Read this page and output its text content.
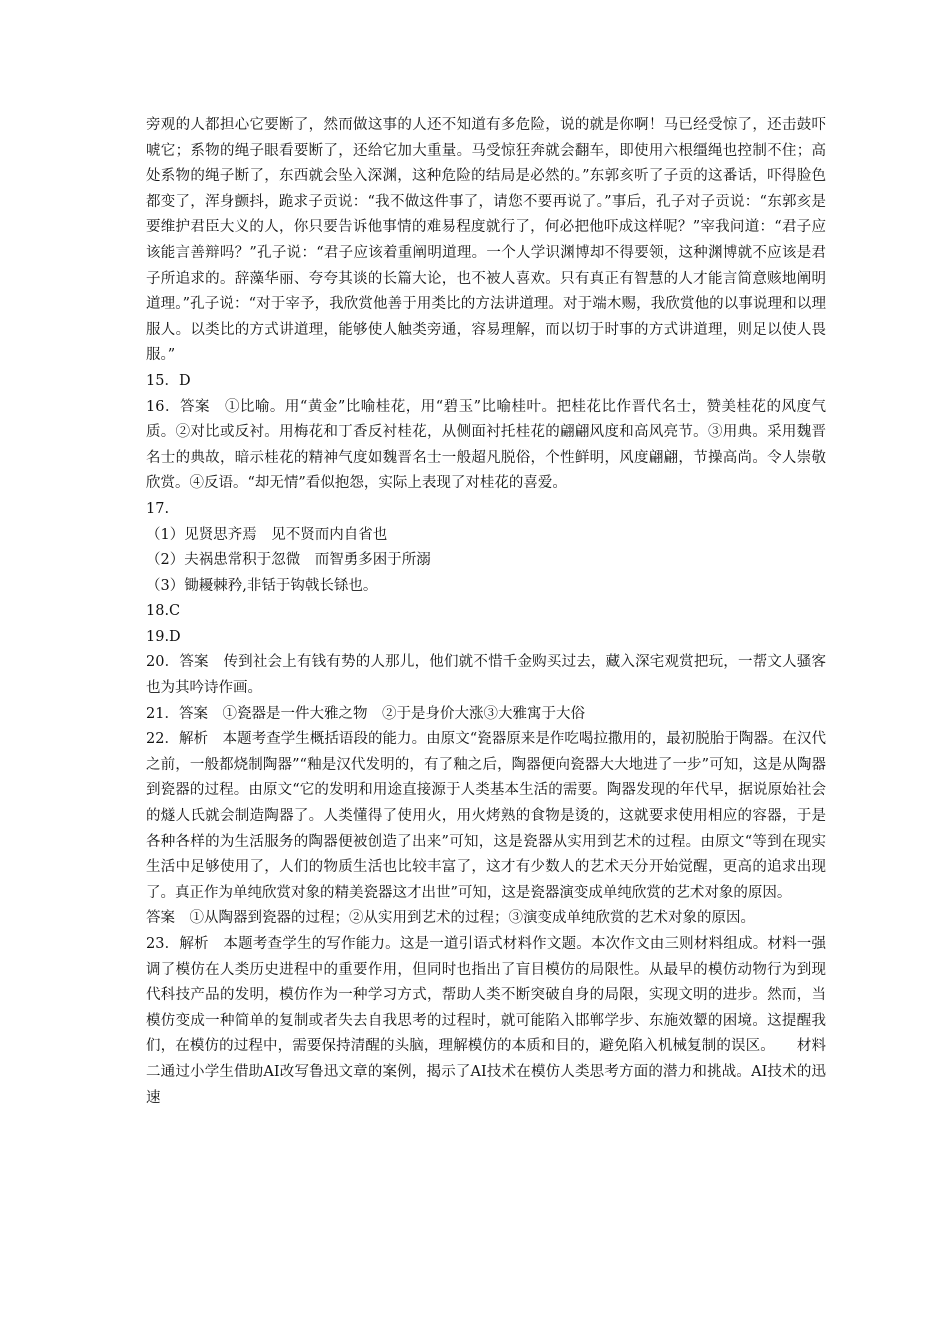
旁观的人都担心它要断了，然而做这事的人还不知道有多危险，说的就是你啊！马已经受惊了，还击鼓吓唬它；系物的绳子眼看要断了，还给它加大重量。马受惊狂奔就会翻车，即使用六根缰绳也控制不住；高处系物的绳子断了，东西就会坠入深渊，这种危险的结局是必然的。”东郭亥听了子贡的这番话，吓得脸色都变了，浑身颤抖，跪求子贡说：“我不做这件事了，请您不要再说了。”事后，孔子对子贡说：“东郭亥是要维护君臣大义的人，你只要告诉他事情的难易程度就行了，何必把他吓成这样呢？”宰我问道：“君子应该能言善辩吗？”孔子说：“君子应该着重阐明道理。一个人学识渊博却不得要领，这种渊博就不应该是君子所追求的。辞藻华丽、夸夸其谈的长篇大论，也不被人喜欢。只有真正有智慧的人才能言简意赅地阐明道理。”孔子说：“对于宰予，我欣赏他善于用类比的方法讲道理。对于端木赐，我欣赏他的以事说理和以理服人。以类比的方式讲道理，能够使人触类旁通，容易理解，而以切于时事的方式讲道理，则足以使人畏服。”

15．D

16．答案　①比喻。用“黄金”比喻桂花，用“碧玉”比喻桂叶。把桂花比作晋代名士，赞美桂花的风度气质。②对比或反衬。用梅花和丁香反衬桂花，从侧面衬托桂花的翩翩风度和高风亮节。③用典。采用魏晋名士的典故，暗示桂花的精神气度如魏晋名士一般超凡脱俗，个性鲜明，风度翩翩，节操高尚。令人崇敬欣赏。④反语。“却无情”看似抱怨，实际上表现了对桂花的喜爱。

17.

（1）见贤思齐焉　见不贤而内自省也

（2）夫祸患常积于忽微　而智勇多困于所溺

（3）锄耰棘矜,非铦于钩戟长铩也。

18.C

19.D

20．答案　传到社会上有钱有势的人那儿，他们就不惜千金购买过去，藏入深宅观赏把玩，一帮文人骚客也为其吟诗作画。

21．答案　①瓷器是一件大雅之物　②于是身价大涨③大雅寓于大俗

22．解析　本题考查学生概括语段的能力。由原文“瓷器原来是作吃喝拉撒用的，最初脱胎于陶器。在汉代之前，一般都烧制陶器”“釉是汉代发明的，有了釉之后，陶器便向瓷器大大地进了一步”可知，这是从陶器到瓷器的过程。由原文“它的发明和用途直接源于人类基本生活的需要。陶器发现的年代早，据说原始社会的燧人氏就会制造陶器了。人类懂得了使用火，用火烤熟的食物是烫的，这就要求使用相应的容器，于是各种各样的为生活服务的陶器便被创造了出来”可知，这是瓷器从实用到艺术的过程。由原文“等到在现实生活中足够使用了，人们的物质生活也比较丰富了，这才有少数人的艺术天分开始觉醒，更高的追求出现了。真正作为单纯欣赏对象的精美瓷器这才出世”可知，这是瓷器演变成单纯欣赏的艺术对象的原因。

答案　①从陶器到瓷器的过程；②从实用到艺术的过程；③演变成单纯欣赏的艺术对象的原因。

23．解析　本题考查学生的写作能力。这是一道引语式材料作文题。本次作文由三则材料组成。材料一强调了模仿在人类历史进程中的重要作用，但同时也指出了盲目模仿的局限性。从最早的模仿动物行为到现代科技产品的发明，模仿作为一种学习方式，帮助人类不断突破自身的局限，实现文明的进步。然而，当模仿变成一种简单的复制或者失去自我思考的过程时，就可能陷入邯郸学步、东施效颦的困境。这提醒我们，在模仿的过程中，需要保持清醒的头脑，理解模仿的本质和目的，避免陷入机械复制的误区。　　材料二通过小学生借助AI改写鲁迅文章的案例，揭示了AI技术在模仿人类思考方面的潜力和挑战。AI技术的迅速
